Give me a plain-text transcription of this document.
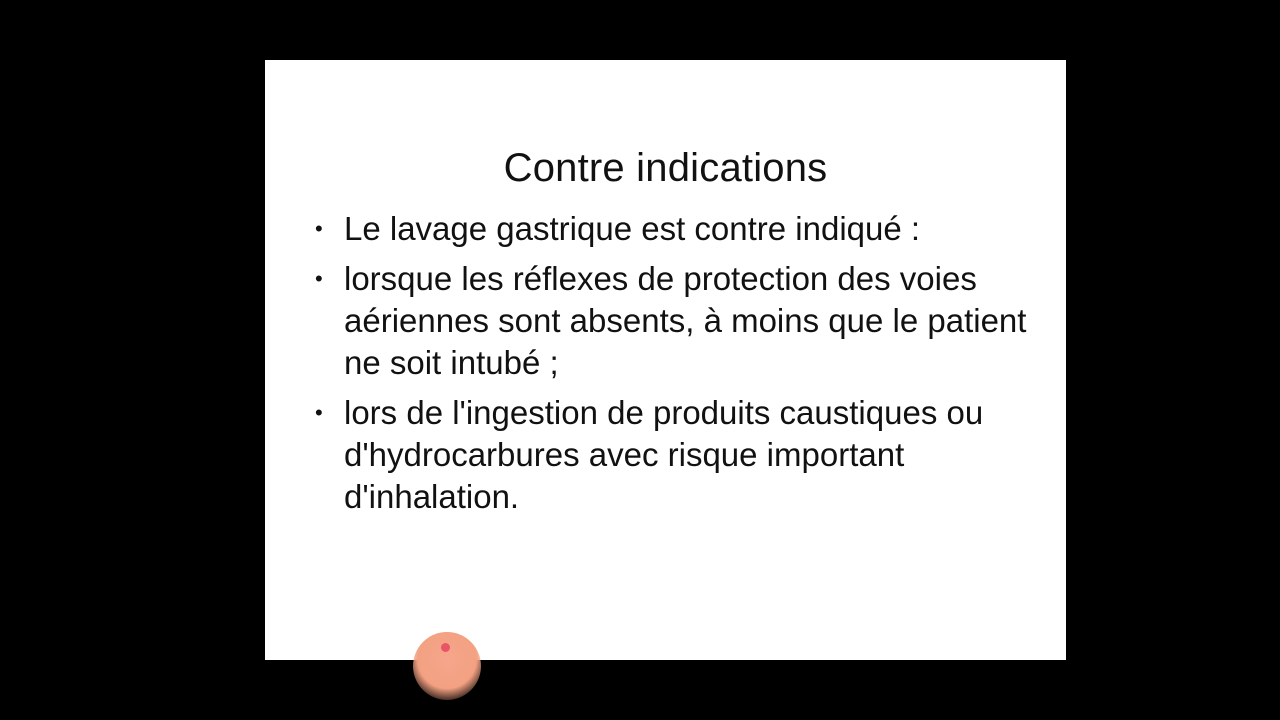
Contre indications
• Le lavage gastrique est contre indiqué :
• lorsque les réflexes de protection des voies aériennes sont absents, à moins que le patient ne soit intubé ;
• lors de l'ingestion de produits caustiques ou d'hydrocarbures avec risque important d'inhalation.
